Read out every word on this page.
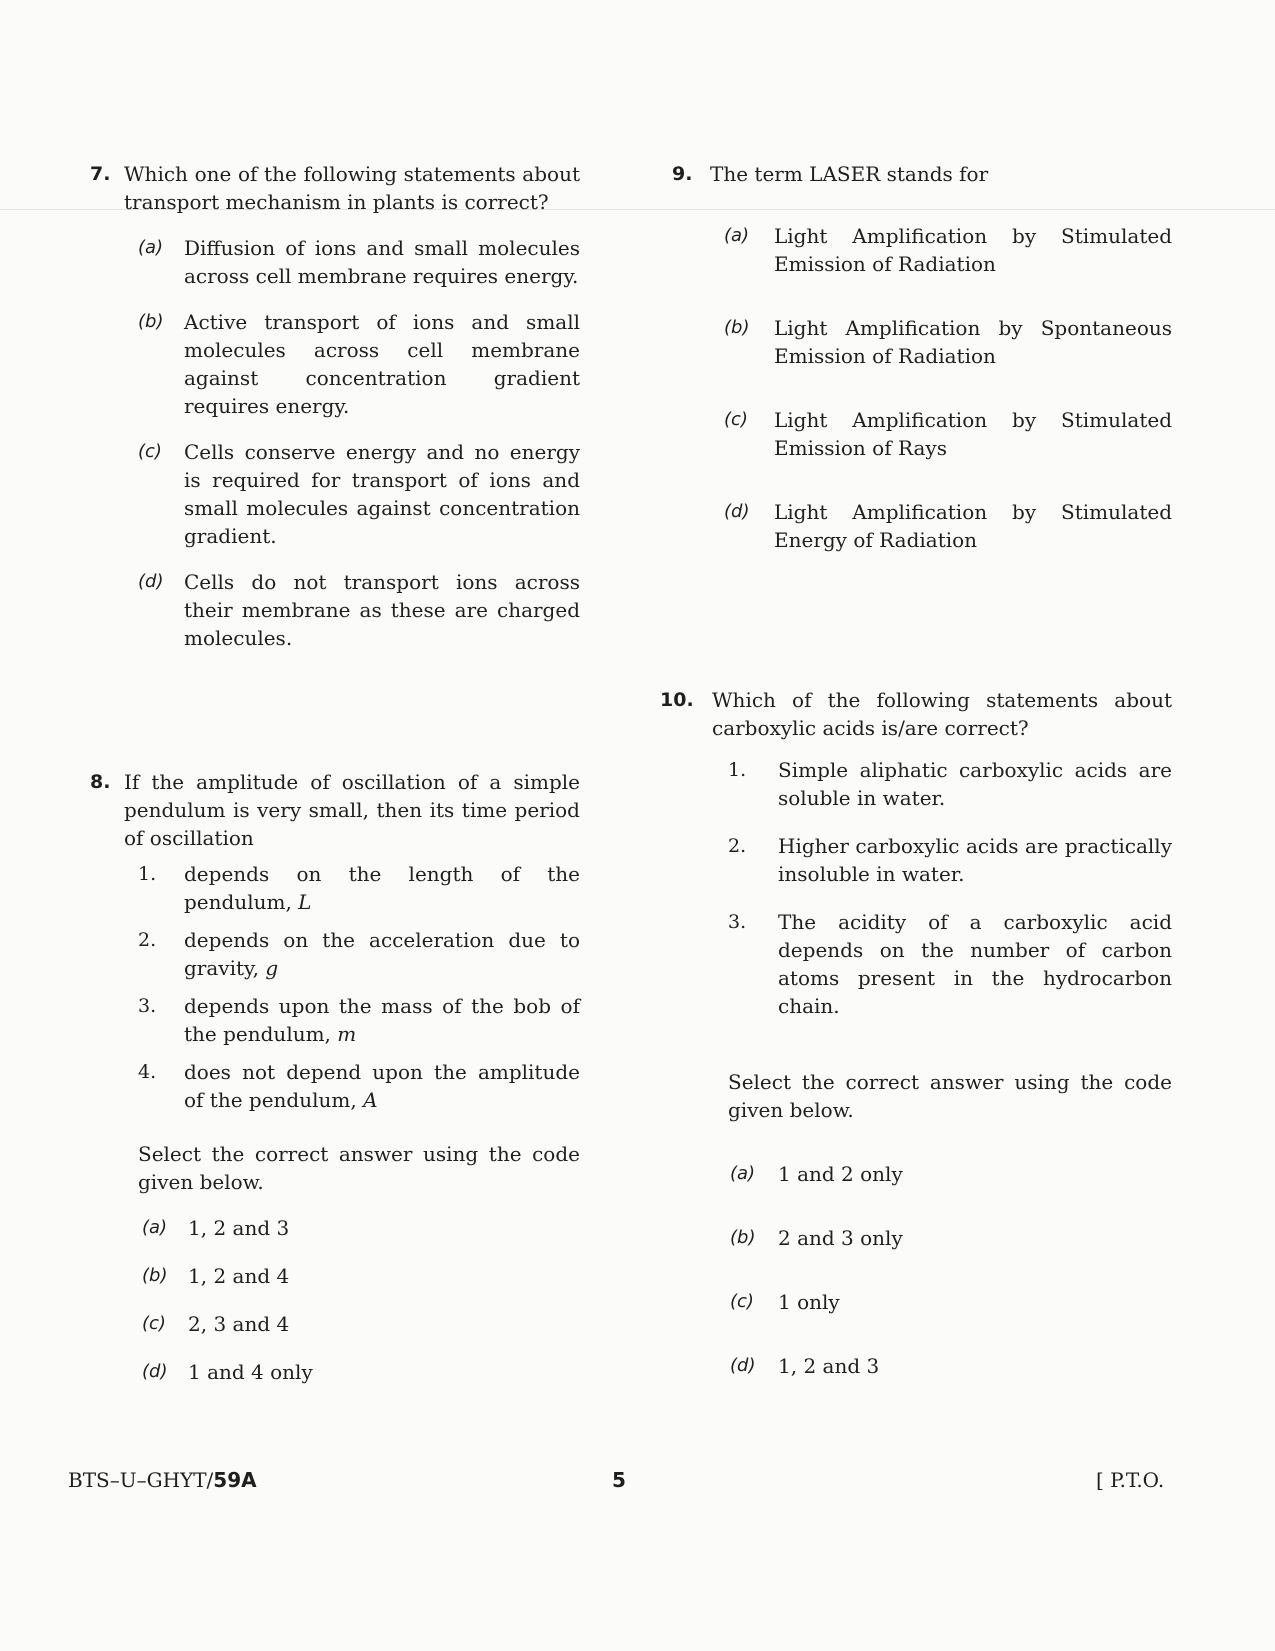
7. Which one of the following statements about transport mechanism in plants is correct?
(a)	Diffusion of ions and small molecules across cell membrane requires energy.
(b)	Active transport of ions and small molecules across cell membrane against concentration gradient requires energy.
(c)	Cells conserve energy and no energy is required for transport of ions and small molecules against concentration gradient.
(d)	Cells do not transport ions across their membrane as these are charged molecules.
8. If the amplitude of oscillation of a simple pendulum is very small, then its time period of oscillation
1.	depends on the length of the pendulum, L
2.	depends on the acceleration due to gravity, g
3.	depends upon the mass of the bob of the pendulum, m
4.	does not depend upon the amplitude of the pendulum, A
Select the correct answer using the code given below.
(a)	1, 2 and 3
(b)	1, 2 and 4
(c)	2, 3 and 4
(d)	1 and 4 only
9. The term LASER stands for
(a)	Light Amplification by Stimulated Emission of Radiation
(b)	Light Amplification by Spontaneous Emission of Radiation
(c)	Light Amplification by Stimulated Emission of Rays
(d)	Light Amplification by Stimulated Energy of Radiation
10. Which of the following statements about carboxylic acids is/are correct?
1.	Simple aliphatic carboxylic acids are soluble in water.
2.	Higher carboxylic acids are practically insoluble in water.
3.	The acidity of a carboxylic acid depends on the number of carbon atoms present in the hydrocarbon chain.
Select the correct answer using the code given below.
(a)	1 and 2 only
(b)	2 and 3 only
(c)	1 only
(d)	1, 2 and 3
BTS–U–GHYT/59A	5	[ P.T.O.
